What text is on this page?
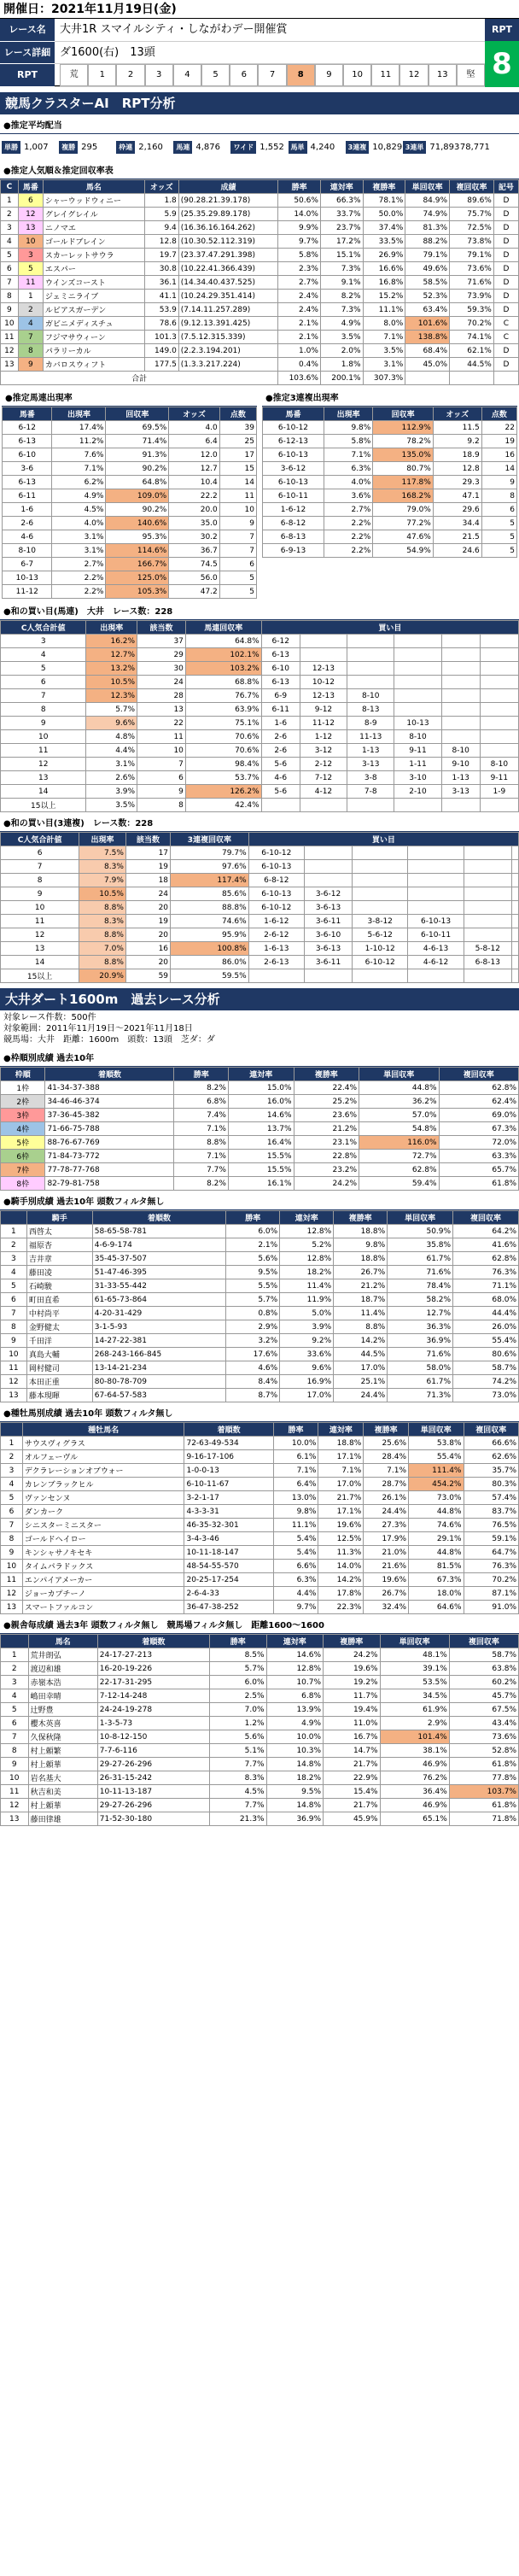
開催日：2021年11月19日(金)
レース名
レース詳細
RPT
大井1R スマイルシティ・しながわデー開催賞
ダ1600(右)　13頭
荒	1	2	3	4	5	6	7	8	9	10	11	12	13	堅
RPT
8
競馬クラスターAI　RPT分析
●推定平均配当
単勝 1,007	複勝 295	枠連 2,160	馬連 4,876	ワイド 1,552 馬単 4,240	3連複 10,829 3連単 71,893 78,771
●推定人気順＆推定回収率表
C	馬番	馬名	オッズ	成績	勝率	連対率	複勝率	単回収率	複回収率	記号
1	6	シャーウッドウィニー	1.8	(90.28.21.39.178)	50.6%	66.3%	78.1%	84.9%	89.6%	D
2	12	グレイグレイル	5.9	(25.35.29.89.178)	14.0%	33.7%	50.0%	74.9%	75.7%	D
3	13	ニノマエ	9.4	(16.36.16.164.262)	9.9%	23.7%	37.4%	81.3%	72.5%	D
4	10	ゴールドブレイン	12.8	(10.30.52.112.319)	9.7%	17.2%	33.5%	88.2%	73.8%	D
5	3	スカーレットサウラ	19.7	(23.37.47.291.398)	5.8%	15.1%	26.9%	79.1%	79.1%	D
6	5	エスパー	30.8	(10.22.41.366.439)	2.3%	7.3%	16.6%	49.6%	73.6%	D
7	11	ウインズコースト	36.1	(14.34.40.437.525)	2.7%	9.1%	16.8%	58.5%	71.6%	D
8	1	ジェミニライブ	41.1	(10.24.29.351.414)	2.4%	8.2%	15.2%	52.3%	73.9%	D
9	2	ルビアスガーデン	53.9	(7.14.11.257.289)	2.4%	7.3%	11.1%	63.4%	59.3%	D
10	4	ガビニメディスチュ	78.6	(9.12.13.391.425)	2.1%	4.9%	8.0%	101.6%	70.2%	C
11	7	フジマサウィーン	101.3	(7.5.12.315.339)	2.1%	3.5%	7.1%	138.8%	74.1%	C
12	8	パラリーカル	149.0	(2.2.3.194.201)	1.0%	2.0%	3.5%	68.4%	62.1%	D
13	9	カバロスウィフト	177.5	(1.3.3.217.224)	0.4%	1.8%	3.1%	45.0%	44.5%	D
合計					103.6%	200.1%	307.3%			
●推定馬連出現率
馬番	出現率	回収率	オッズ	点数
6-12	17.4%	69.5%	4.0	39
6-13	11.2%	71.4%	6.4	25
6-10	7.6%	91.3%	12.0	17
3-6	7.1%	90.2%	12.7	15
6-13	6.2%	64.8%	10.4	14
6-11	4.9%	109.0%	22.2	11
1-6	4.5%	90.2%	20.0	10
2-6	4.0%	140.6%	35.0	9
4-6	3.1%	95.3%	30.2	7
8-10	3.1%	114.6%	36.7	7
6-7	2.7%	166.7%	74.5	6
10-13	2.2%	125.0%	56.0	5
11-12	2.2%	105.3%	47.2	5
●推定3連複出現率
馬番	出現率	回収率	オッズ	点数
6-10-12	9.8%	112.9%	11.5	22
6-12-13	5.8%	78.2%	9.2	19
6-10-13	7.1%	135.0%	18.9	16
3-6-12	6.3%	80.7%	12.8	14
6-10-13	4.0%	117.8%	29.3	9
6-10-11	3.6%	168.2%	47.1	8
1-6-12	2.7%	79.0%	29.6	6
6-8-12	2.2%	77.2%	34.4	5
6-8-13	2.2%	47.6%	21.5	5
6-9-13	2.2%	54.9%	24.6	5
●和の買い目(馬連)　大井　レース数：228
C人気合計値	出現率	該当数	馬連回収率	買い目					
3	16.2%	37	64.8%	6-12					
4	12.7%	29	102.1%	6-13					
5	13.2%	30	103.2%	6-10	12-13				
6	10.5%	24	68.8%	6-13	10-12				
7	12.3%	28	76.7%	6-9	12-13	8-10			
8	5.7%	13	63.9%	6-11	9-12	8-13			
9	9.6%	22	75.1%	1-6	11-12	8-9	10-13		
10	4.8%	11	70.6%	2-6	1-12	11-13	8-10		
11	4.4%	10	70.6%	2-6	3-12	1-13	9-11	8-10	
12	3.1%	7	98.4%	5-6	2-12	3-13	1-11	9-10	8-10
13	2.6%	6	53.7%	4-6	7-12	3-8	3-10	1-13	9-11
14	3.9%	9	126.2%	5-6	4-12	7-8	2-10	3-13	1-9
15以上	3.5%	8	42.4%						
●和の買い目(3連複)　レース数：228
C人気合計値	出現率	該当数	3連複回収率	買い目					
6	7.5%	17	79.7%	6-10-12					
7	8.3%	19	97.6%	6-10-13					
8	7.9%	18	117.4%	6-8-12					
9	10.5%	24	85.6%	6-10-13	3-6-12				
10	8.8%	20	88.8%	6-10-12	3-6-13				
11	8.3%	19	74.6%	1-6-12	3-6-11	3-8-12	6-10-13		
12	8.8%	20	95.9%	2-6-12	3-6-10	5-6-12	6-10-11		
13	7.0%	16	100.8%	1-6-13	3-6-13	1-10-12	4-6-13	5-8-12	
14	8.8%	20	86.0%	2-6-13	3-6-11	6-10-12	4-6-12	6-8-13	
15以上	20.9%	59	59.5%						
大井ダート1600m　過去レース分析
対象レース件数：500件
対象範囲：2011年11月19日〜2021年11月18日
競馬場：大井　距離：1600m　頭数：13頭　芝ダ：ダ
●枠順別成績 過去10年
枠順	着順数	勝率	連対率	複勝率	単回収率	複回収率
1枠	41-34-37-388	8.2%	15.0%	22.4%	44.8%	62.8%
2枠	34-46-46-374	6.8%	16.0%	25.2%	36.2%	62.4%
3枠	37-36-45-382	7.4%	14.6%	23.6%	57.0%	69.0%
4枠	71-66-75-788	7.1%	13.7%	21.2%	54.8%	67.3%
5枠	88-76-67-769	8.8%	16.4%	23.1%	116.0%	72.0%
6枠	71-84-73-772	7.1%	15.5%	22.8%	72.7%	63.3%
7枠	77-78-77-768	7.7%	15.5%	23.2%	62.8%	65.7%
8枠	82-79-81-758	8.2%	16.1%	24.2%	59.4%	61.8%
●騎手別成績 過去10年 頭数フィルタ無し
	騎手	着順数	勝率	連対率	複勝率	単回収率	複回収率
1	西啓太	58-65-58-781	6.0%	12.8%	18.8%	50.9%	64.2%
2	福原杏	4-6-9-174	2.1%	5.2%	9.8%	35.8%	41.6%
3	吉井章	35-45-37-507	5.6%	12.8%	18.8%	61.7%	62.8%
4	藤田凌	51-47-46-395	9.5%	18.2%	26.7%	71.6%	76.3%
5	石崎駿	31-33-55-442	5.5%	11.4%	21.2%	78.4%	71.1%
6	町田直希	61-65-73-864	5.7%	11.9%	18.7%	58.2%	68.0%
7	中村尚平	4-20-31-429	0.8%	5.0%	11.4%	12.7%	44.4%
8	金野健太	3-1-5-93	2.9%	3.9%	8.8%	36.3%	26.0%
9	千田洋	14-27-22-381	3.2%	9.2%	14.2%	36.9%	55.4%
10	真島大輔	268-243-166-845	17.6%	33.6%	44.5%	71.6%	80.6%
11	岡村健司	13-14-21-234	4.6%	9.6%	17.0%	58.0%	58.7%
12	本田正重	80-80-78-709	8.4%	16.9%	25.1%	61.7%	74.2%
13	藤本現暉	67-64-57-583	8.7%	17.0%	24.4%	71.3%	73.0%
●種牡馬別成績 過去10年 頭数フィルタ無し
	種牡馬名	着順数	勝率	連対率	複勝率	単回収率	複回収率
1	サウスヴィグラス	72-63-49-534	10.0%	18.8%	25.6%	53.8%	66.6%
2	オルフェーヴル	9-16-17-106	6.1%	17.1%	28.4%	55.4%	62.6%
3	デクラレーションオブウォー	1-0-0-13	7.1%	7.1%	7.1%	111.4%	35.7%
4	カレンブラックヒル	6-10-11-67	6.4%	17.0%	28.7%	454.2%	80.3%
5	ヴァンセンヌ	3-2-1-17	13.0%	21.7%	26.1%	73.0%	57.4%
6	ダンカーク	4-3-3-31	9.8%	17.1%	24.4%	44.8%	83.7%
7	シニスターミニスター	46-35-32-301	11.1%	19.6%	27.3%	74.6%	76.5%
8	ゴールドヘイロー	3-4-3-46	5.4%	12.5%	17.9%	29.1%	59.1%
9	キンシャサノキセキ	10-11-18-147	5.4%	11.3%	21.0%	44.8%	64.7%
10	タイムパラドックス	48-54-55-570	6.6%	14.0%	21.6%	81.5%	76.3%
11	エンパイアメーカー	20-25-17-254	6.3%	14.2%	19.6%	67.3%	70.2%
12	ジョーカプチーノ	2-6-4-33	4.4%	17.8%	26.7%	18.0%	87.1%
13	スマートファルコン	36-47-38-252	9.7%	22.3%	32.4%	64.6%	91.0%
●親舎毎成績 過去3年 頭数フィルタ無し　競馬場フィルタ無し　距離1600〜1600
	馬名	着順数	勝率	連対率	複勝率	単回収率	複回収率
1	荒井朗弘	24-17-27-213	8.5%	14.6%	24.2%	48.1%	58.7%
2	渡辺和雄	16-20-19-226	5.7%	12.8%	19.6%	39.1%	63.8%
3	赤嶺本浩	22-17-31-295	6.0%	10.7%	19.2%	53.5%	60.2%
4	嶋田幸晴	7-12-14-248	2.5%	6.8%	11.7%	34.5%	45.7%
5	辻野豊	24-24-19-278	7.0%	13.9%	19.4%	61.9%	67.5%
6	櫻木英喜	1-3-5-73	1.2%	4.9%	11.0%	2.9%	43.4%
7	久保秋隆	10-8-12-150	5.6%	10.0%	16.7%	101.4%	73.6%
8	村上頼繁	7-7-6-116	5.1%	10.3%	14.7%	38.1%	52.8%
9	村上頼華	29-27-26-296	7.7%	14.8%	21.7%	46.9%	61.8%
10	岩名基大	26-31-15-242	8.3%	18.2%	22.9%	76.2%	77.8%
11	秋吉和美	10-11-13-187	4.5%	9.5%	15.4%	36.4%	103.7%
12	村上頼華	29-27-26-296	7.7%	14.8%	21.7%	46.9%	61.8%
13	藤田律雄	71-52-30-180	21.3%	36.9%	45.9%	65.1%	71.8%
